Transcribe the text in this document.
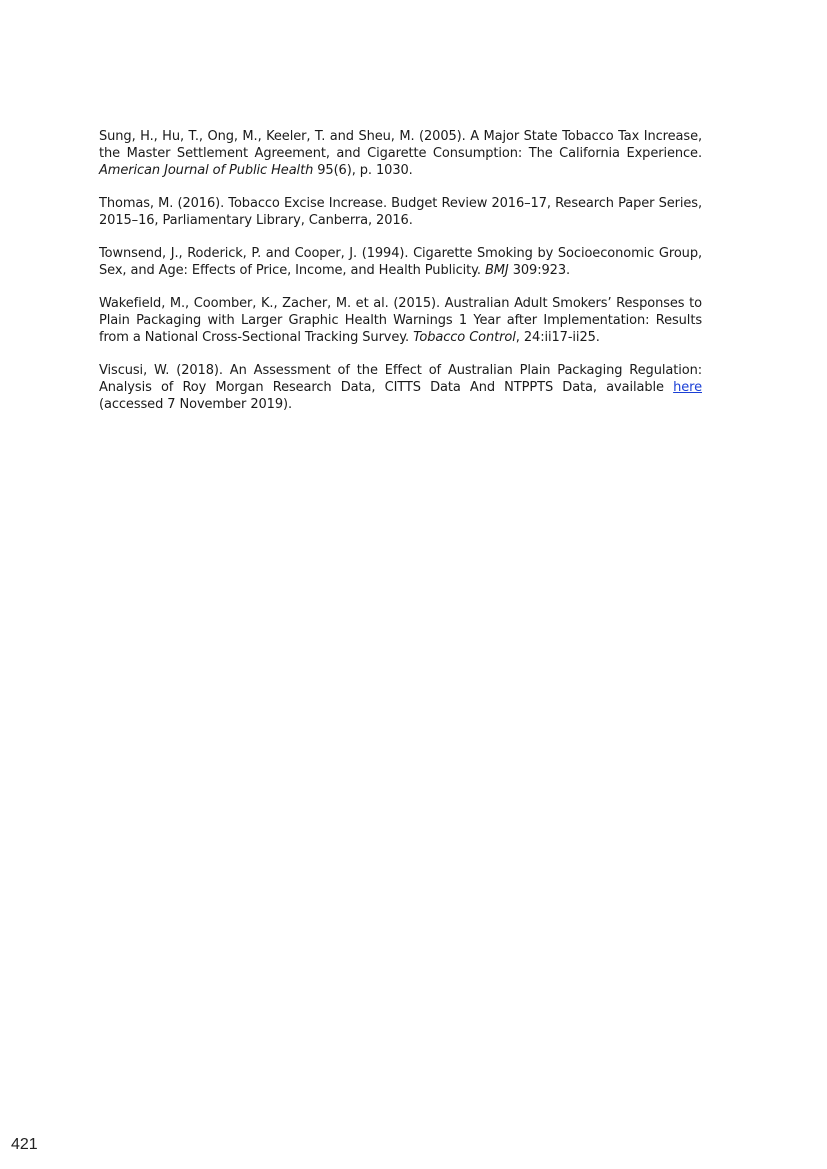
Sung, H., Hu, T., Ong, M., Keeler, T. and Sheu, M. (2005). A Major State Tobacco Tax Increase, the Master Settlement Agreement, and Cigarette Consumption: The California Experience. American Journal of Public Health 95(6), p. 1030.

Thomas, M. (2016). Tobacco Excise Increase. Budget Review 2016–17, Research Paper Series, 2015–16, Parliamentary Library, Canberra, 2016.

Townsend, J., Roderick, P. and Cooper, J. (1994). Cigarette Smoking by Socioeconomic Group, Sex, and Age: Effects of Price, Income, and Health Publicity. BMJ 309:923.

Wakefield, M., Coomber, K., Zacher, M. et al. (2015). Australian Adult Smokers’ Responses to Plain Packaging with Larger Graphic Health Warnings 1 Year after Implementation: Results from a National Cross-Sectional Tracking Survey. Tobacco Control, 24:ii17-ii25.

Viscusi, W. (2018). An Assessment of the Effect of Australian Plain Packaging Regulation: Analysis of Roy Morgan Research Data, CITTS Data And NTPPTS Data, available here (accessed 7 November 2019).

421
